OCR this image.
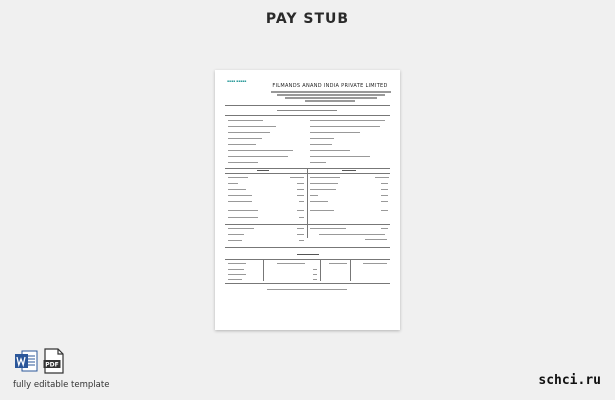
PAY STUB
▪▪▪▪ ▪▪▪▪▪
FILMANDS ANAND INDIA PRIVATE LIMITED
PDF
fully editable template	schci.ru
